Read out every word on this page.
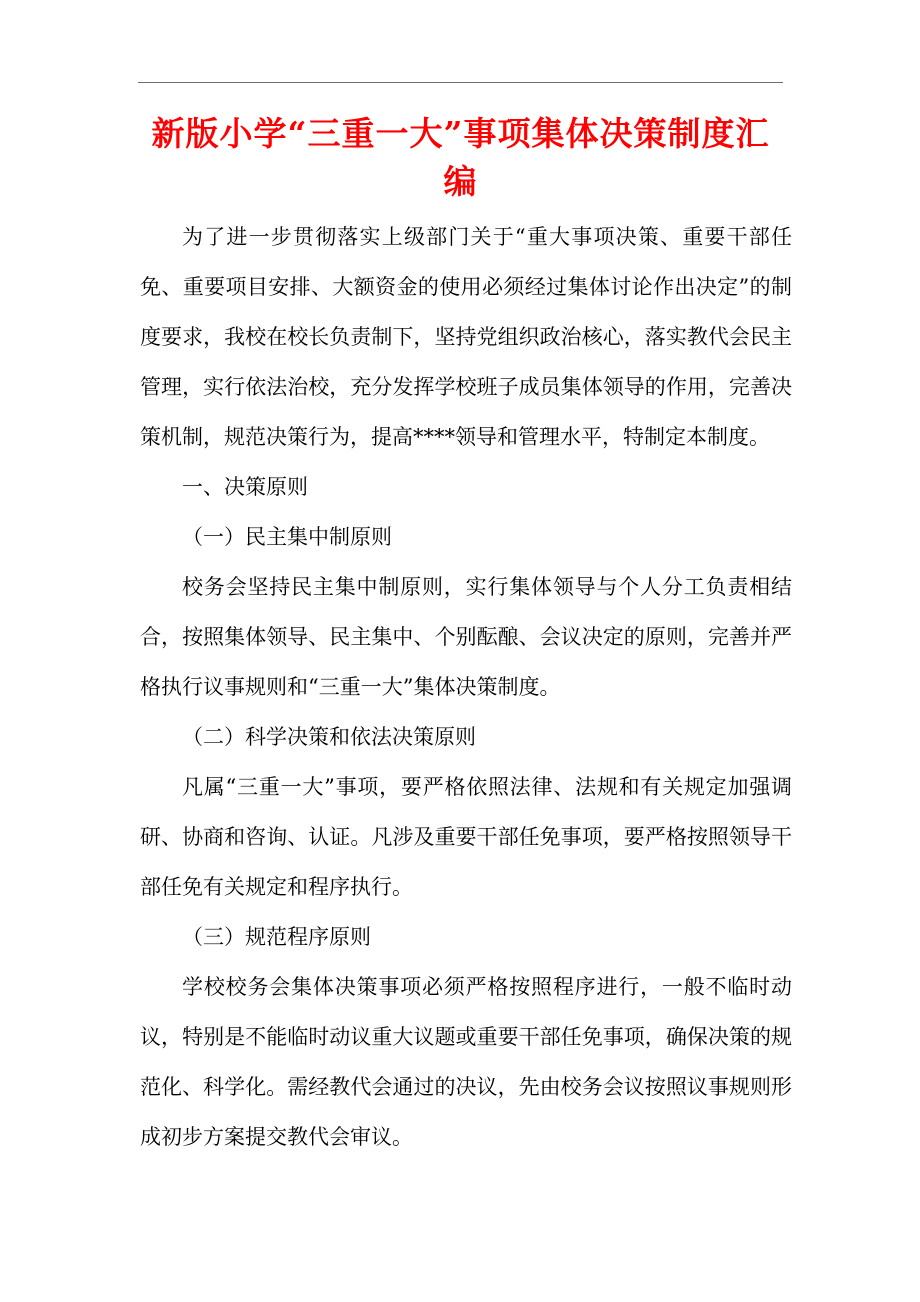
新版小学“三重一大”事项集体决策制度汇编

为了进一步贯彻落实上级部门关于“重大事项决策、重要干部任免、重要项目安排、大额资金的使用必须经过集体讨论作出决定”的制度要求，我校在校长负责制下，坚持党组织政治核心，落实教代会民主管理，实行依法治校，充分发挥学校班子成员集体领导的作用，完善决策机制，规范决策行为，提高****领导和管理水平，特制定本制度。

一、决策原则

（一）民主集中制原则

校务会坚持民主集中制原则，实行集体领导与个人分工负责相结合，按照集体领导、民主集中、个别酝酿、会议决定的原则，完善并严格执行议事规则和“三重一大”集体决策制度。

（二）科学决策和依法决策原则

凡属“三重一大”事项，要严格依照法律、法规和有关规定加强调研、协商和咨询、认证。凡涉及重要干部任免事项，要严格按照领导干部任免有关规定和程序执行。

（三）规范程序原则

学校校务会集体决策事项必须严格按照程序进行，一般不临时动议，特别是不能临时动议重大议题或重要干部任免事项，确保决策的规范化、科学化。需经教代会通过的决议，先由校务会议按照议事规则形成初步方案提交教代会审议。
